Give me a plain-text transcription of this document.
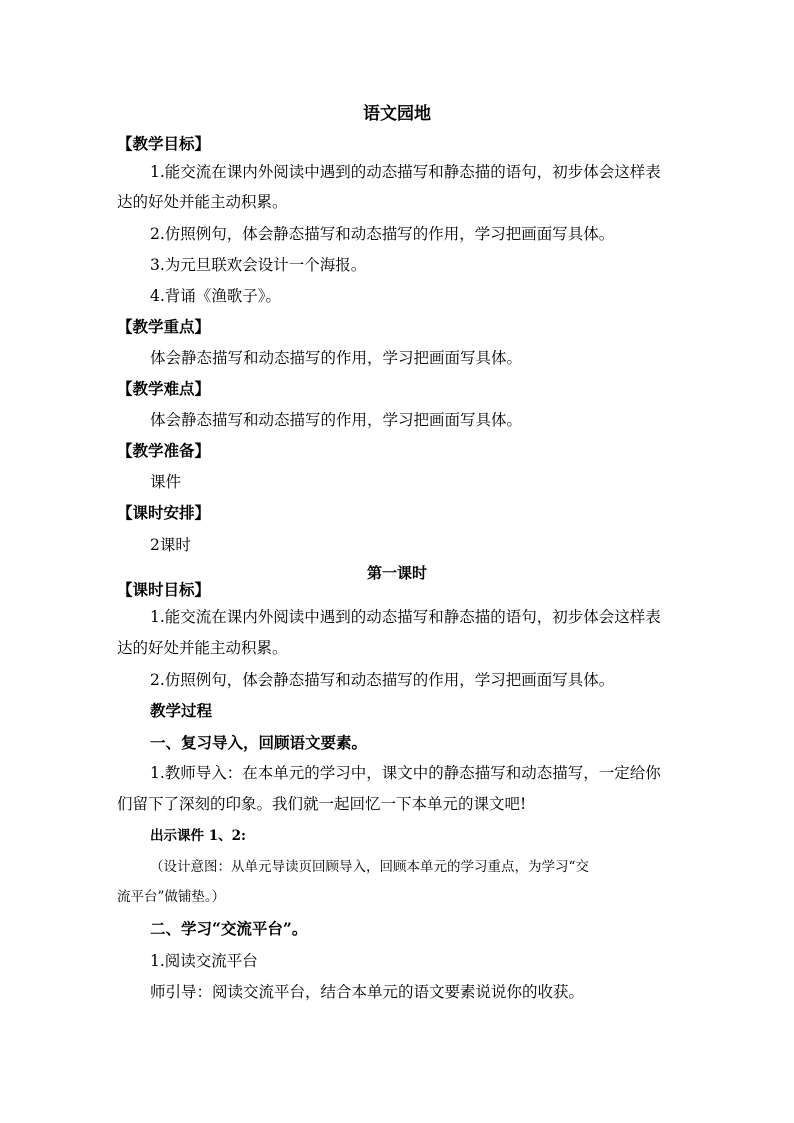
语文园地
【教学目标】
1.能交流在课内外阅读中遇到的动态描写和静态描的语句，初步体会这样表
达的好处并能主动积累。
2.仿照例句，体会静态描写和动态描写的作用，学习把画面写具体。
3.为元旦联欢会设计一个海报。
4.背诵《渔歌子》。
【教学重点】
体会静态描写和动态描写的作用，学习把画面写具体。
【教学难点】
体会静态描写和动态描写的作用，学习把画面写具体。
【教学准备】
课件
【课时安排】
2课时
第一课时
【课时目标】
1.能交流在课内外阅读中遇到的动态描写和静态描的语句，初步体会这样表
达的好处并能主动积累。
2.仿照例句，体会静态描写和动态描写的作用，学习把画面写具体。
教学过程
一、复习导入，回顾语文要素。
1.教师导入：在本单元的学习中，课文中的静态描写和动态描写，一定给你
们留下了深刻的印象。我们就一起回忆一下本单元的课文吧!
出示课件 1、2:
（设计意图：从单元导读页回顾导入，回顾本单元的学习重点，为学习“交
流平台”做铺垫。）
二、学习“交流平台”。
1.阅读交流平台
师引导：阅读交流平台，结合本单元的语文要素说说你的收获。
